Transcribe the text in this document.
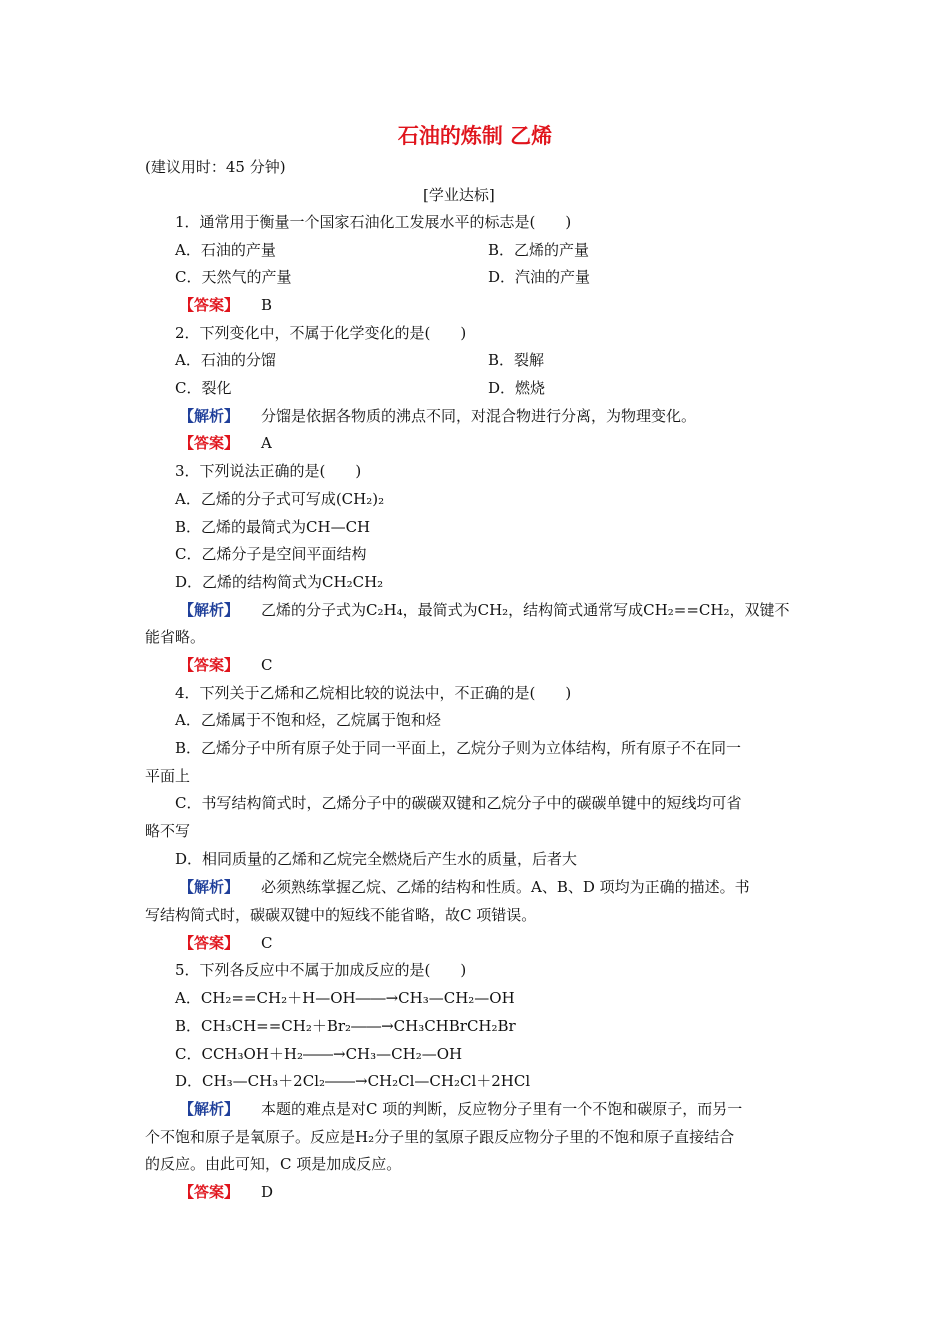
石油的炼制 乙烯
(建议用时：45 分钟)
[学业达标]
1．通常用于衡量一个国家石油化工发展水平的标志是(　　)
A．石油的产量	B．乙烯的产量
C．天然气的产量	D．汽油的产量
【答案】 B
2．下列变化中，不属于化学变化的是(　　)
A．石油的分馏	B．裂解
C．裂化	D．燃烧
【解析】 分馏是依据各物质的沸点不同，对混合物进行分离，为物理变化。
【答案】 A
3．下列说法正确的是(　　)
A．乙烯的分子式可写成(CH₂)₂
B．乙烯的最简式为CH—CH
C．乙烯分子是空间平面结构
D．乙烯的结构简式为CH₂CH₂
【解析】 乙烯的分子式为C₂H₄，最简式为CH₂，结构简式通常写成CH₂==CH₂，双键不
能省略。
【答案】 C
4．下列关于乙烯和乙烷相比较的说法中，不正确的是(　　)
A．乙烯属于不饱和烃，乙烷属于饱和烃
B．乙烯分子中所有原子处于同一平面上，乙烷分子则为立体结构，所有原子不在同一
平面上
C．书写结构简式时，乙烯分子中的碳碳双键和乙烷分子中的碳碳单键中的短线均可省
略不写
D．相同质量的乙烯和乙烷完全燃烧后产生水的质量，后者大
【解析】 必须熟练掌握乙烷、乙烯的结构和性质。A、B、D 项均为正确的描述。书
写结构简式时，碳碳双键中的短线不能省略，故C 项错误。
【答案】 C
5．下列各反应中不属于加成反应的是(　　)
A．CH₂==CH₂＋H—OH――→CH₃—CH₂—OH
B．CH₃CH==CH₂＋Br₂――→CH₃CHBrCH₂Br
C．CCH₃OH＋H₂――→CH₃—CH₂—OH
D．CH₃—CH₃＋2Cl₂――→CH₂Cl—CH₂Cl＋2HCl
【解析】 本题的难点是对C 项的判断，反应物分子里有一个不饱和碳原子，而另一
个不饱和原子是氧原子。反应是H₂分子里的氢原子跟反应物分子里的不饱和原子直接结合
的反应。由此可知，C 项是加成反应。
【答案】 D
